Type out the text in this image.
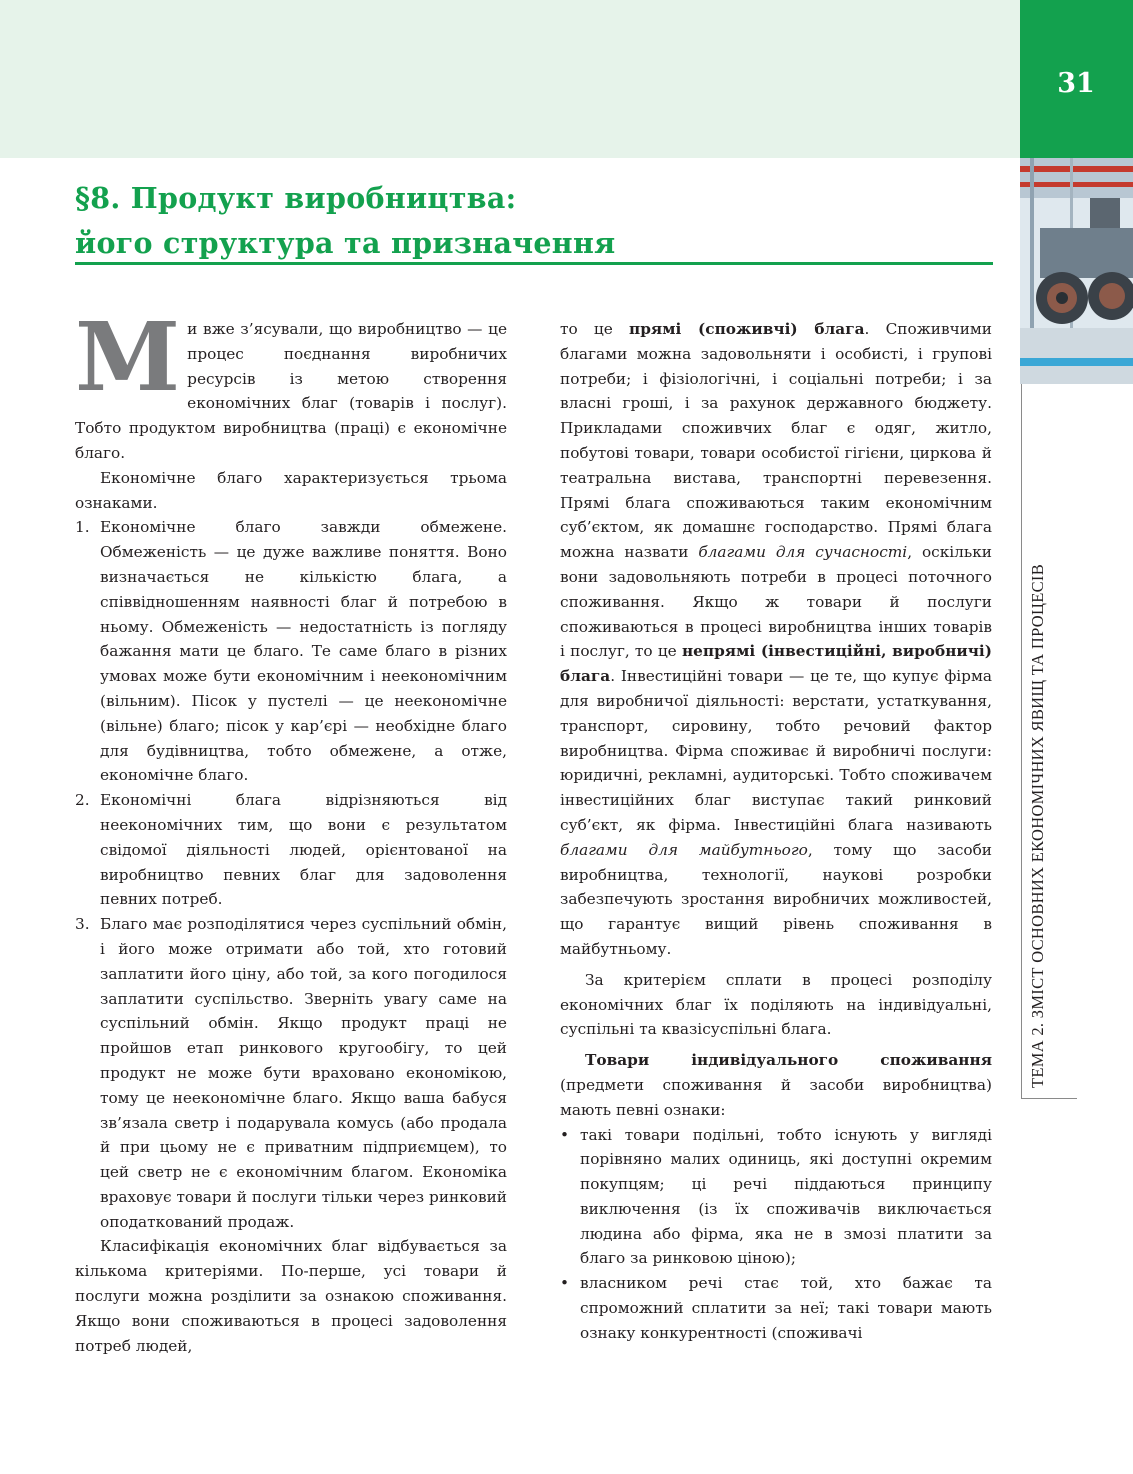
31
ТЕМА 2. ЗМІСТ ОСНОВНИХ ЕКОНОМІЧНИХ ЯВИЩ ТА ПРОЦЕСІВ
§8. Продукт виробництва:
його структура та призначення

Ми вже з’ясували, що виробництво — це процес поєднання виробничих ресурсів із метою створення економічних благ (товарів і послуг). Тобто продуктом виробництва (праці) є економічне благо.

Економічне благо характеризується трьома ознаками.

1. Економічне благо завжди обмежене. Обмеженість — це дуже важливе поняття. Воно визначається не кількістю блага, а співвідношенням наявності благ й потребою в ньому. Обмеженість — недостатність із погляду бажання мати це благо. Те саме благо в різних умовах може бути економічним і неекономічним (вільним). Пісок у пустелі — це неекономічне (вільне) благо; пісок у кар’єрі — необхідне благо для будівництва, тобто обмежене, а отже, економічне благо.
2. Економічні блага відрізняються від неекономічних тим, що вони є результатом свідомої діяльності людей, орієнтованої на виробництво певних благ для задоволення певних потреб.
3. Благо має розподілятися через суспільний обмін, і його може отримати або той, хто готовий заплатити його ціну, або той, за кого погодилося заплатити суспільство. Зверніть увагу саме на суспільний обмін. Якщо продукт праці не пройшов етап ринкового кругообігу, то цей продукт не може бути враховано економікою, тому це неекономічне благо. Якщо ваша бабуся зв’язала светр і подарувала комусь (або продала й при цьому не є приватним підприємцем), то цей светр не є економічним благом. Економіка враховує товари й послуги тільки через ринковий оподаткований продаж.

Класифікація економічних благ відбувається за кількома критеріями. По-перше, усі товари й послуги можна розділити за ознакою споживання. Якщо вони споживаються в процесі задоволення потреб людей,

то це прямі (споживчі) блага. Споживчими благами можна задовольняти і особисті, і групові потреби; і фізіологічні, і соціальні потреби; і за власні гроші, і за рахунок державного бюджету. Прикладами споживчих благ є одяг, житло, побутові товари, товари особистої гігієни, циркова й театральна вистава, транспортні перевезення. Прямі блага споживаються таким економічним суб’єктом, як домашнє господарство. Прямі блага можна назвати благами для сучасності, оскільки вони задовольняють потреби в процесі поточного споживання. Якщо ж товари й послуги споживаються в процесі виробництва інших товарів і послуг, то це непрямі (інвестиційні, виробничі) блага. Інвестиційні товари — це те, що купує фірма для виробничої діяльності: верстати, устаткування, транспорт, сировину, тобто речовий фактор виробництва. Фірма споживає й виробничі послуги: юридичні, рекламні, аудиторські. Тобто споживачем інвестиційних благ виступає такий ринковий суб’єкт, як фірма. Інвестиційні блага називають благами для майбутнього, тому що засоби виробництва, технології, наукові розробки забезпечують зростання виробничих можливостей, що гарантує вищий рівень споживання в майбутньому.

За критерієм сплати в процесі розподілу економічних благ їх поділяють на індивідуальні, суспільні та квазісуспільні блага.

Товари індивідуального споживання (предмети споживання й засоби виробництва) мають певні ознаки:

• такі товари подільні, тобто існують у вигляді порівняно малих одиниць, які доступні окремим покупцям; ці речі піддаються принципу виключення (із їх споживачів виключається людина або фірма, яка не в змозі платити за благо за ринковою ціною);
• власником речі стає той, хто бажає та спроможний сплатити за неї; такі товари мають ознаку конкурентності (споживачі
